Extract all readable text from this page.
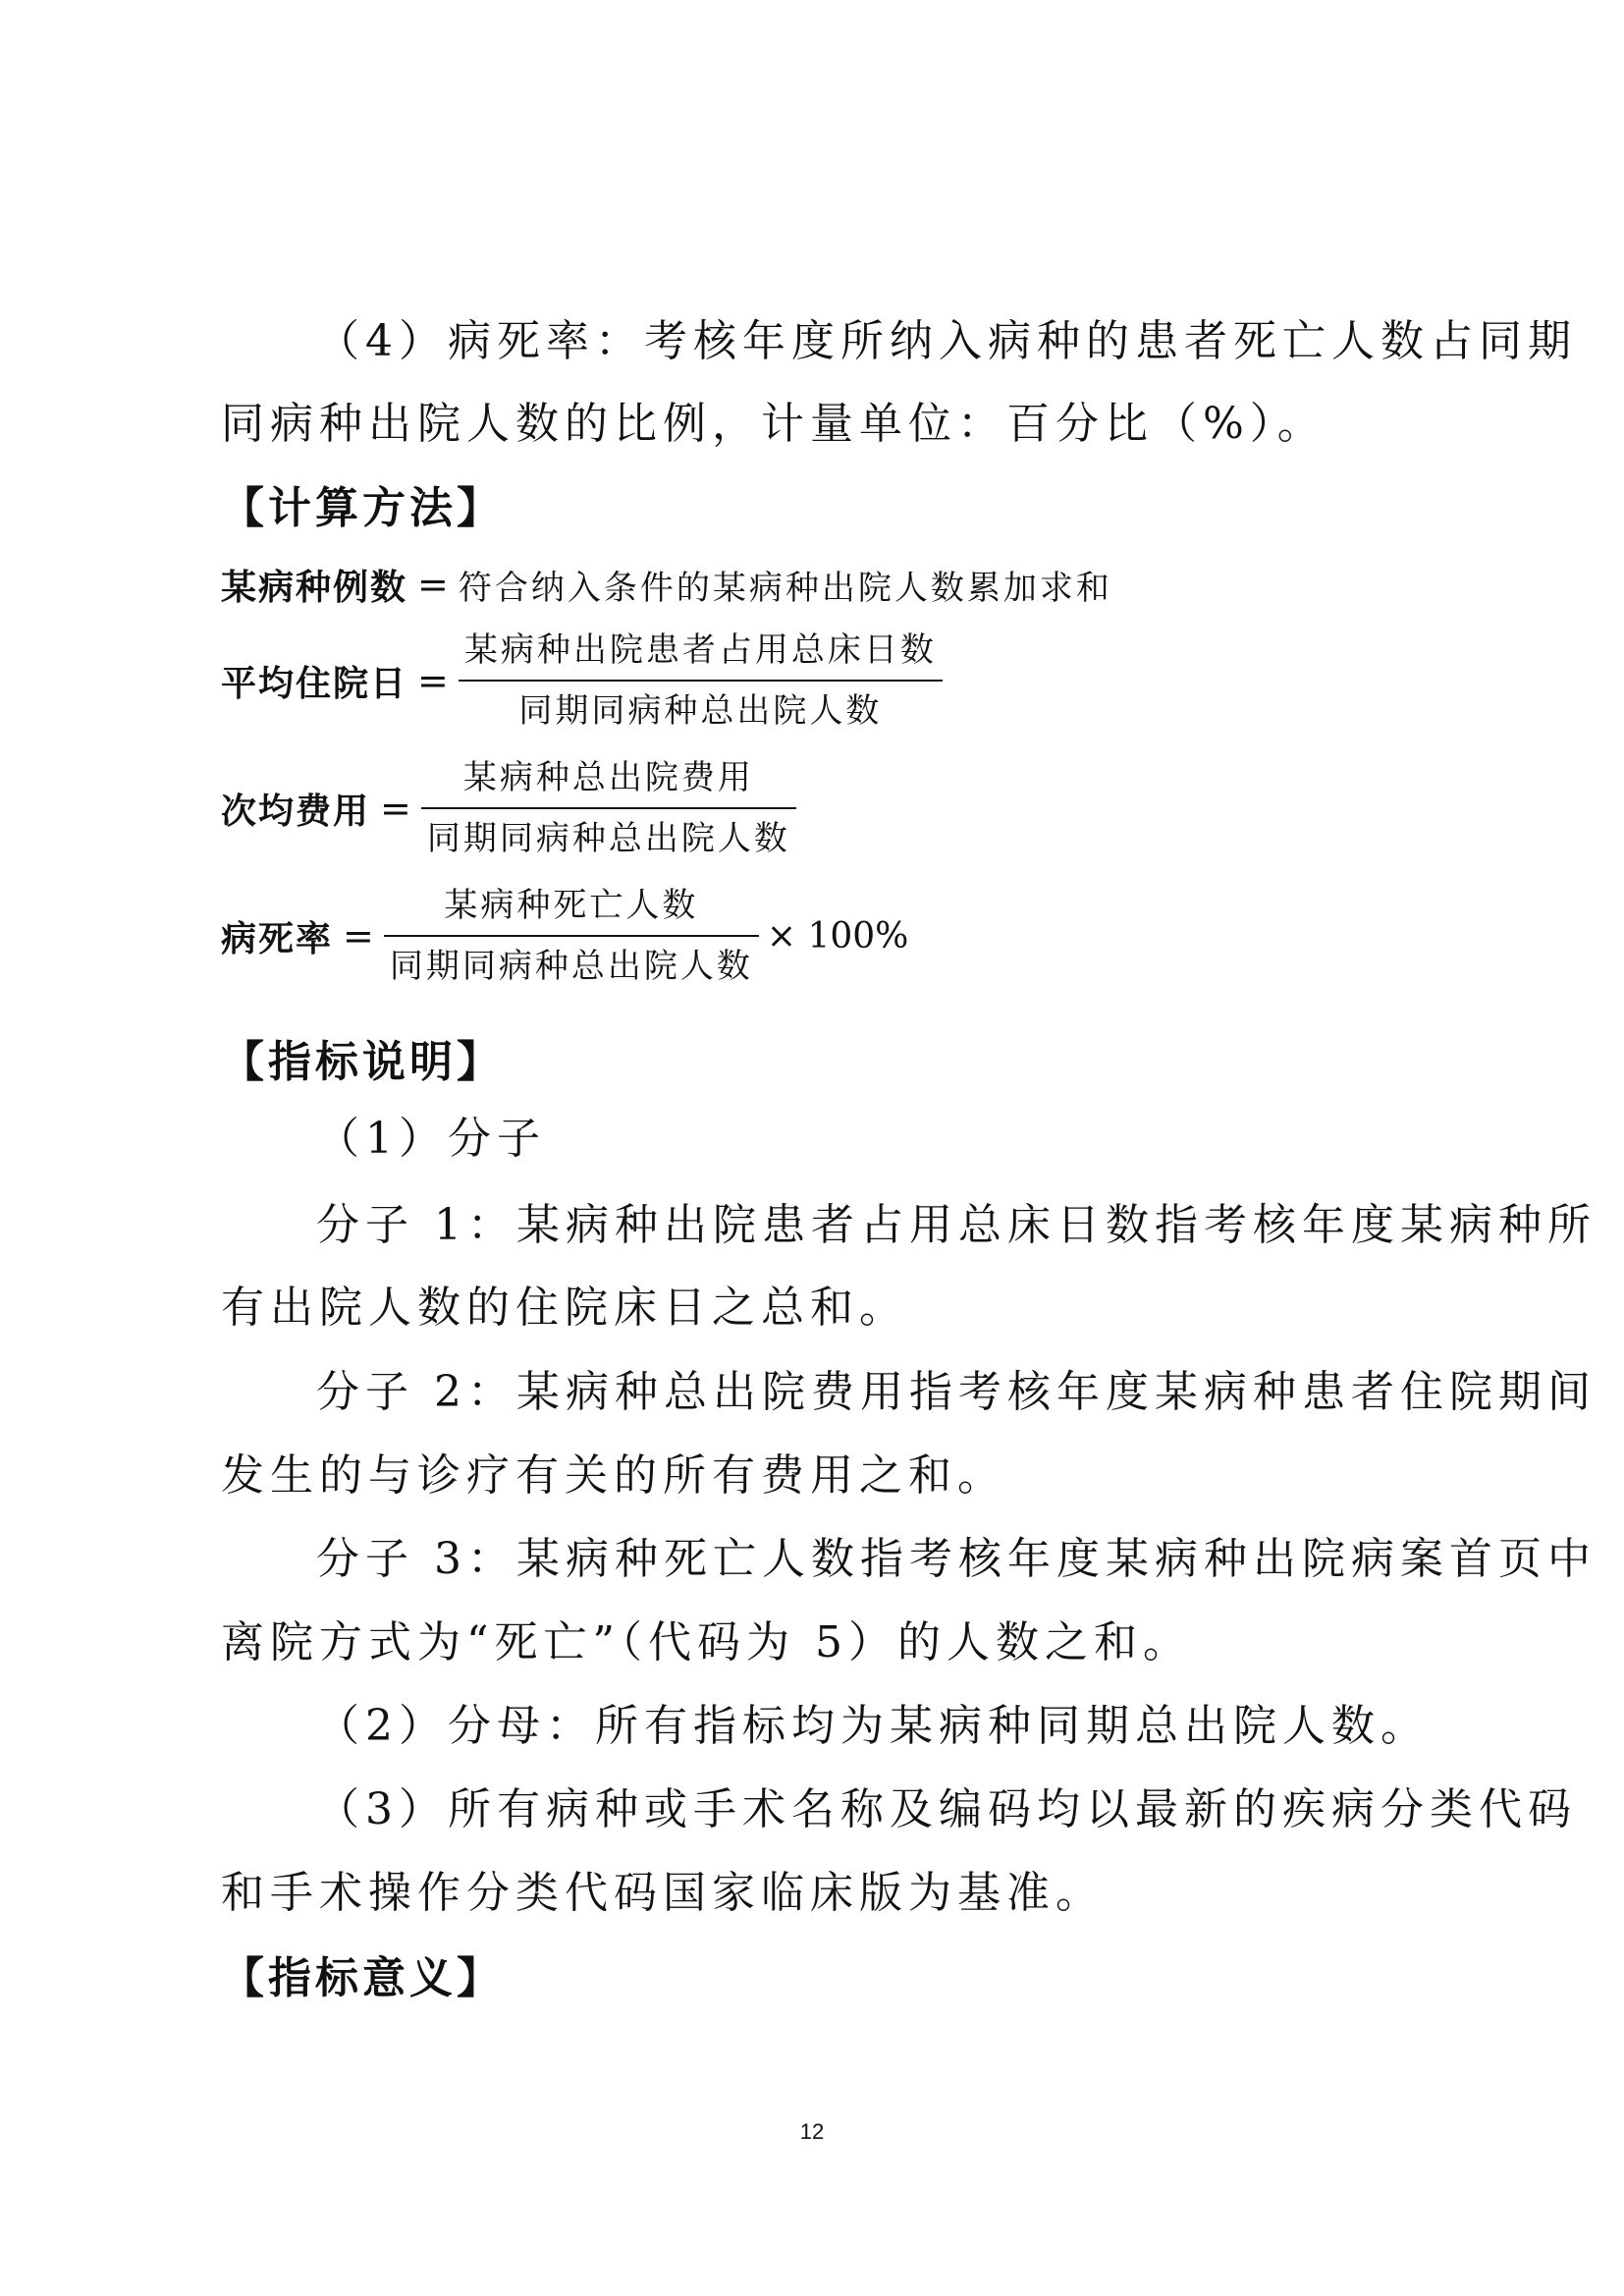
（4）病死率：考核年度所纳入病种的患者死亡人数占同期
同病种出院人数的比例，计量单位：百分比（%）。
【计算方法】
某病种例数 = 符合纳入条件的某病种出院人数累加求和
平均住院日 = $\frac{\text{某病种出院患者占用总床日数}}{\text{同期同病种总出院人数}}$
次均费用 = $\frac{\text{某病种总出院费用}}{\text{同期同病种总出院人数}}$
病死率 = $\frac{\text{某病种死亡人数}}{\text{同期同病种总出院人数}} \times 100\%$
【指标说明】
（1）分子
分子 1：某病种出院患者占用总床日数指考核年度某病种所
有出院人数的住院床日之总和。
分子 2：某病种总出院费用指考核年度某病种患者住院期间
发生的与诊疗有关的所有费用之和。
分子 3：某病种死亡人数指考核年度某病种出院病案首页中
离院方式为“死亡”（代码为 5）的人数之和。
（2）分母：所有指标均为某病种同期总出院人数。
（3）所有病种或手术名称及编码均以最新的疾病分类代码
和手术操作分类代码国家临床版为基准。
【指标意义】
12
